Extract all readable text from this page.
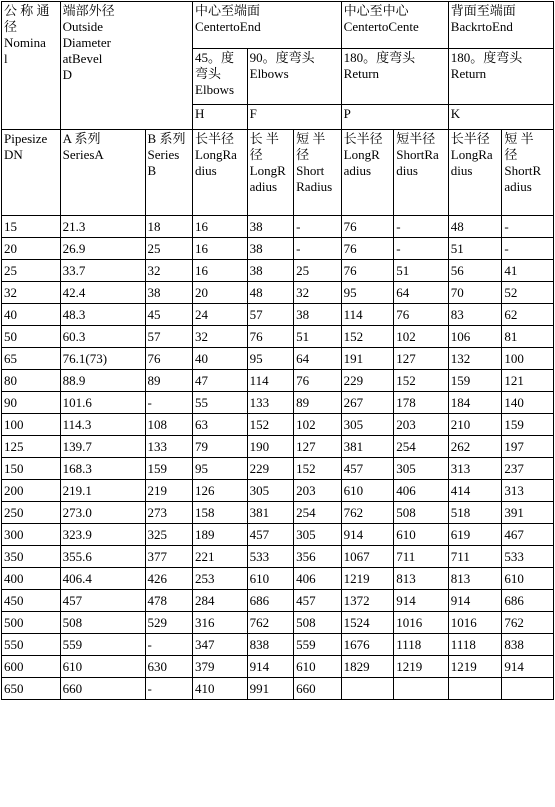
公 称 通
径
Nomina
l	端部外径
Outside
Diameter
atBevel
D		中心至端面
CentertoEnd			中心至中心
CentertoCente		背面至端面
BackrtoEnd	

			45。度
弯头
Elbows	90。度弯头
Elbows		180。度弯头
Return		180。度弯头
Return	

			H	F		P		K	

Pipesize
DN	A 系列
SeriesA	B 系列
Series
B	长半径
LongRa
dius	长 半
径
LongR
adius	短 半
径
Short
Radius	长半径
LongR
adius	短半径
ShortRa
dius	长半径
LongRa
dius	短 半
径
ShortR
adius

15	21.3	18	16	38	-	76	-	48	-
20	26.9	25	16	38	-	76	-	51	-
25	33.7	32	16	38	25	76	51	56	41
32	42.4	38	20	48	32	95	64	70	52
40	48.3	45	24	57	38	114	76	83	62
50	60.3	57	32	76	51	152	102	106	81
65	76.1(73)	76	40	95	64	191	127	132	100
80	88.9	89	47	114	76	229	152	159	121
90	101.6	-	55	133	89	267	178	184	140
100	114.3	108	63	152	102	305	203	210	159
125	139.7	133	79	190	127	381	254	262	197
150	168.3	159	95	229	152	457	305	313	237
200	219.1	219	126	305	203	610	406	414	313
250	273.0	273	158	381	254	762	508	518	391
300	323.9	325	189	457	305	914	610	619	467
350	355.6	377	221	533	356	1067	711	711	533
400	406.4	426	253	610	406	1219	813	813	610
450	457	478	284	686	457	1372	914	914	686
500	508	529	316	762	508	1524	1016	1016	762
550	559	-	347	838	559	1676	1118	1118	838
600	610	630	379	914	610	1829	1219	1219	914
650	660	-	410	991	660				
